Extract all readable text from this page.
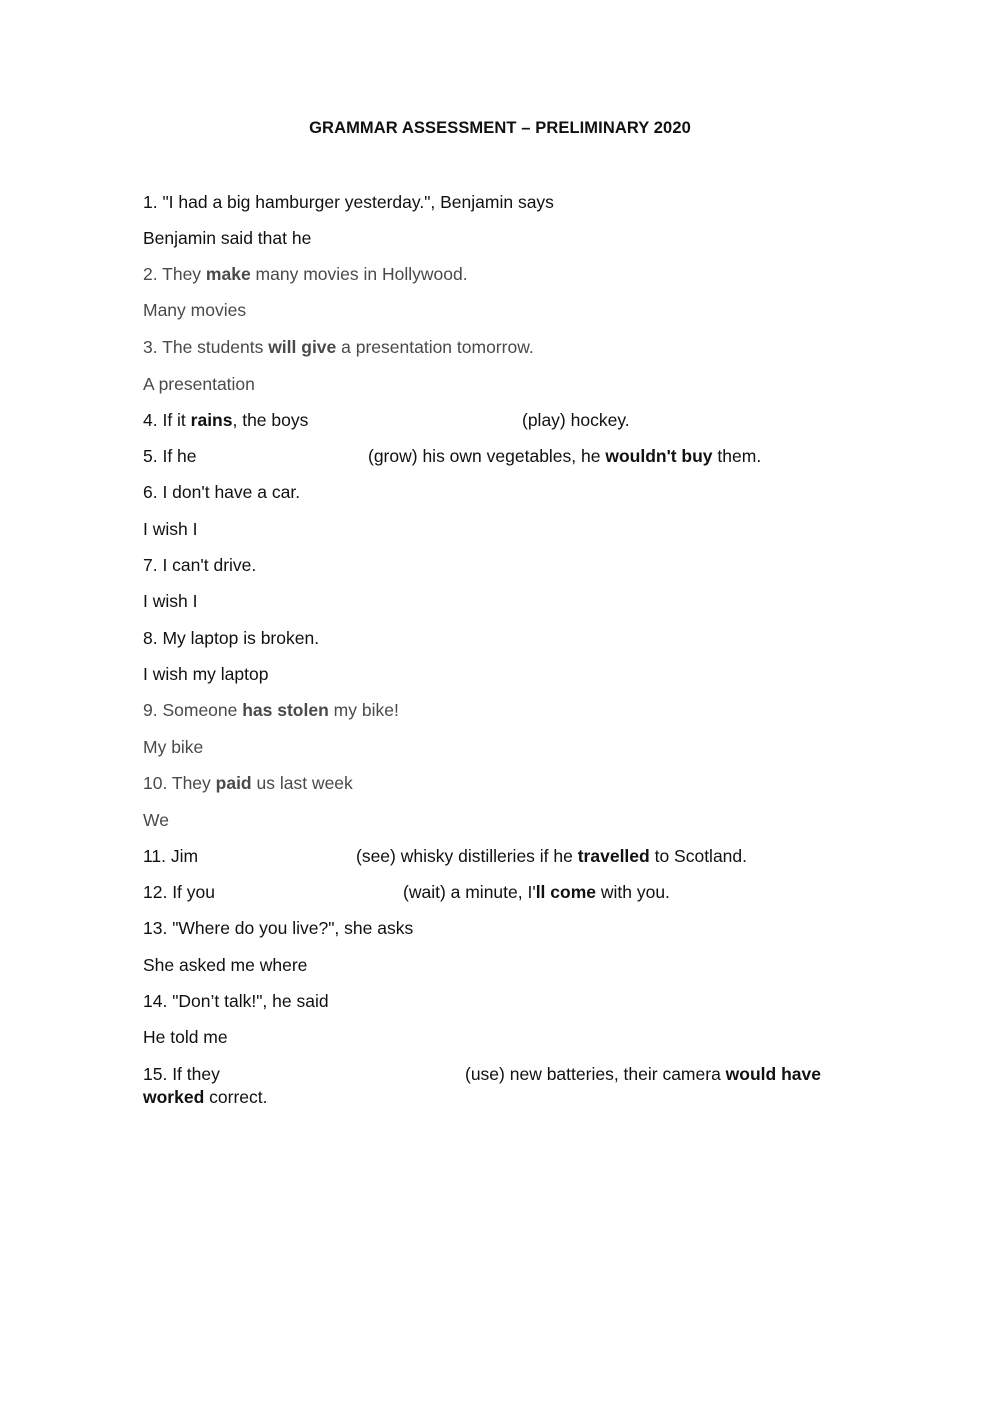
GRAMMAR ASSESSMENT – PRELIMINARY 2020
1. "I had a big hamburger yesterday.", Benjamin says
Benjamin said that he
2. They make many movies in Hollywood.
Many movies
3. The students will give a presentation tomorrow.
A presentation
4. If it rains, the boys	(play) hockey.
5. If he	(grow) his own vegetables, he wouldn't buy them.
6. I don't have a car.
I wish I
7. I can't drive.
I wish I
8. My laptop is broken.
I wish my laptop
9. Someone has stolen my bike!
My bike
10. They paid us last week
We
11. Jim	(see) whisky distilleries if he travelled to Scotland.
12. If you	(wait) a minute, I'll come with you.
13. "Where do you live?", she asks
She asked me where
14. "Don’t talk!", he said
He told me
15. If they	(use) new batteries, their camera would have
worked correct.
